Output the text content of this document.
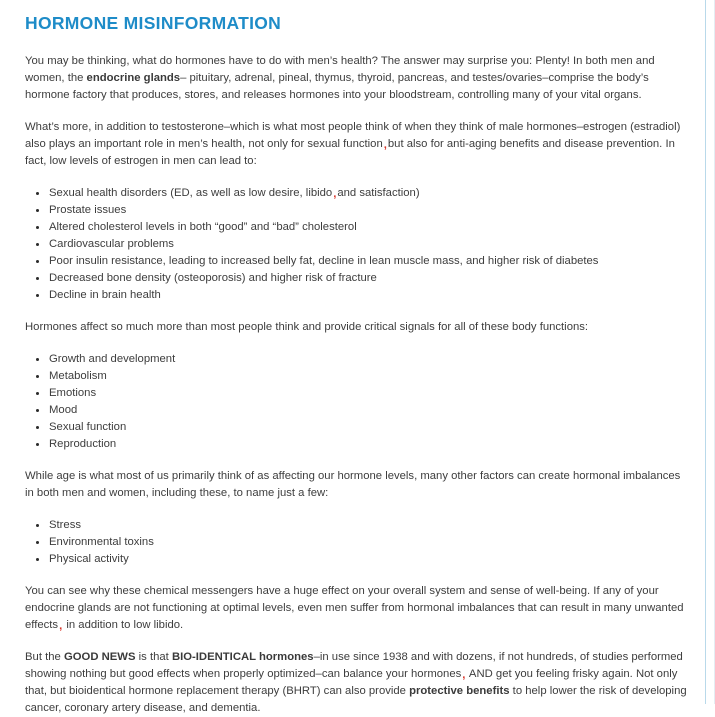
HORMONE MISINFORMATION

You may be thinking, what do hormones have to do with men’s health? The answer may surprise you: Plenty! In both men and women, the endocrine glands– pituitary, adrenal, pineal, thymus, thyroid, pancreas, and testes/ovaries–comprise the body’s hormone factory that produces, stores, and releases hormones into your bloodstream, controlling many of your vital organs.

What’s more, in addition to testosterone–which is what most people think of when they think of male hormones–estrogen (estradiol) also plays an important role in men’s health, not only for sexual function,but also for anti-aging benefits and disease prevention. In fact, low levels of estrogen in men can lead to:

• Sexual health disorders (ED, as well as low desire, libido,and satisfaction)
• Prostate issues
• Altered cholesterol levels in both “good” and “bad” cholesterol
• Cardiovascular problems
• Poor insulin resistance, leading to increased belly fat, decline in lean muscle mass, and higher risk of diabetes
• Decreased bone density (osteoporosis) and higher risk of fracture
• Decline in brain health

Hormones affect so much more than most people think and provide critical signals for all of these body functions:

• Growth and development
• Metabolism
• Emotions
• Mood
• Sexual function
• Reproduction

While age is what most of us primarily think of as affecting our hormone levels, many other factors can create hormonal imbalances in both men and women, including these, to name just a few:

• Stress
• Environmental toxins
• Physical activity

You can see why these chemical messengers have a huge effect on your overall system and sense of well-being. If any of your endocrine glands are not functioning at optimal levels, even men suffer from hormonal imbalances that can result in many unwanted effects, in addition to low libido.

But the GOOD NEWS is that BIO-IDENTICAL hormones–in use since 1938 and with dozens, if not hundreds, of studies performed showing nothing but good effects when properly optimized–can balance your hormones, AND get you feeling frisky again. Not only that, but bioidentical hormone replacement therapy (BHRT) can also provide protective benefits to help lower the risk of developing cancer, coronary artery disease, and dementia.
